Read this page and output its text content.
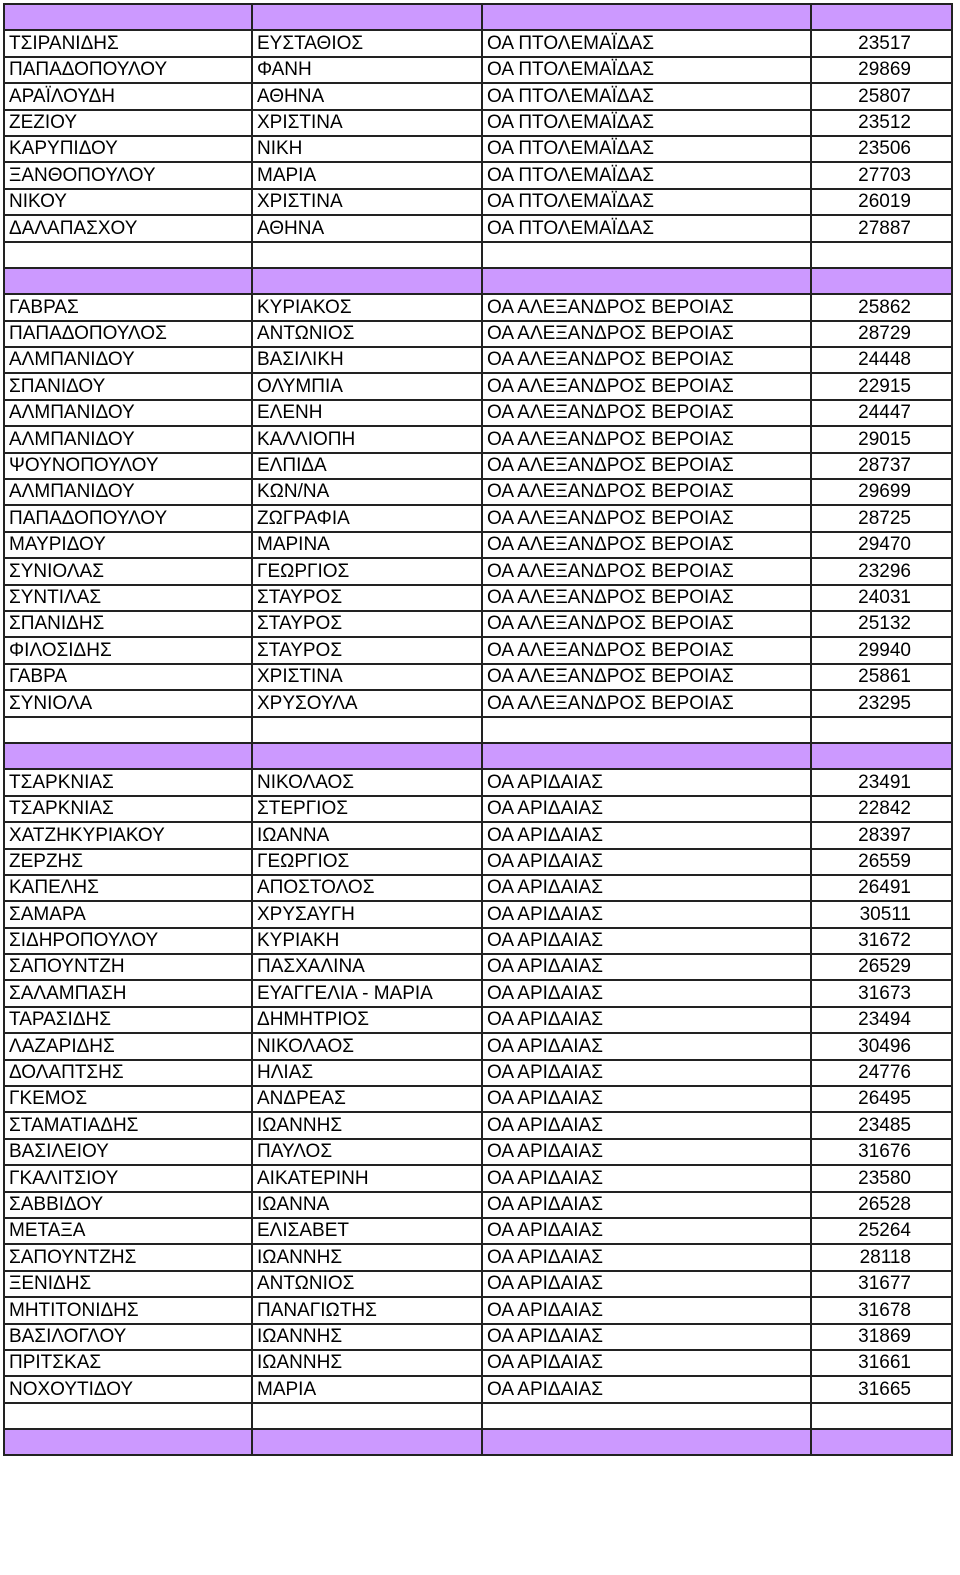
ΤΣΙΡΑΝΙΔΗΣ	ΕΥΣΤΑΘΙΟΣ	ΟΑ ΠΤΟΛΕΜΑΪΔΑΣ	23517
ΠΑΠΑΔΟΠΟΥΛΟΥ	ΦΑΝΗ	ΟΑ ΠΤΟΛΕΜΑΪΔΑΣ	29869
ΑΡΑΪΛΟΥΔΗ	ΑΘΗΝΑ	ΟΑ ΠΤΟΛΕΜΑΪΔΑΣ	25807
ΖΕΖΙΟΥ	ΧΡΙΣΤΙΝΑ	ΟΑ ΠΤΟΛΕΜΑΪΔΑΣ	23512
ΚΑΡΥΠΙΔΟΥ	ΝΙΚΗ	ΟΑ ΠΤΟΛΕΜΑΪΔΑΣ	23506
ΞΑΝΘΟΠΟΥΛΟΥ	ΜΑΡΙΑ	ΟΑ ΠΤΟΛΕΜΑΪΔΑΣ	27703
ΝΙΚΟΥ	ΧΡΙΣΤΙΝΑ	ΟΑ ΠΤΟΛΕΜΑΪΔΑΣ	26019
ΔΑΛΑΠΑΣΧΟΥ	ΑΘΗΝΑ	ΟΑ ΠΤΟΛΕΜΑΪΔΑΣ	27887

ΓΑΒΡΑΣ	ΚΥΡΙΑΚΟΣ	ΟΑ ΑΛΕΞΑΝΔΡΟΣ ΒΕΡΟΙΑΣ	25862
ΠΑΠΑΔΟΠΟΥΛΟΣ	ΑΝΤΩΝΙΟΣ	ΟΑ ΑΛΕΞΑΝΔΡΟΣ ΒΕΡΟΙΑΣ	28729
ΑΛΜΠΑΝΙΔΟΥ	ΒΑΣΙΛΙΚΗ	ΟΑ ΑΛΕΞΑΝΔΡΟΣ ΒΕΡΟΙΑΣ	24448
ΣΠΑΝΙΔΟΥ	ΟΛΥΜΠΙΑ	ΟΑ ΑΛΕΞΑΝΔΡΟΣ ΒΕΡΟΙΑΣ	22915
ΑΛΜΠΑΝΙΔΟΥ	ΕΛΕΝΗ	ΟΑ ΑΛΕΞΑΝΔΡΟΣ ΒΕΡΟΙΑΣ	24447
ΑΛΜΠΑΝΙΔΟΥ	ΚΑΛΛΙΟΠΗ	ΟΑ ΑΛΕΞΑΝΔΡΟΣ ΒΕΡΟΙΑΣ	29015
ΨΟΥΝΟΠΟΥΛΟΥ	ΕΛΠΙΔΑ	ΟΑ ΑΛΕΞΑΝΔΡΟΣ ΒΕΡΟΙΑΣ	28737
ΑΛΜΠΑΝΙΔΟΥ	ΚΩΝ/ΝΑ	ΟΑ ΑΛΕΞΑΝΔΡΟΣ ΒΕΡΟΙΑΣ	29699
ΠΑΠΑΔΟΠΟΥΛΟΥ	ΖΩΓΡΑΦΙΑ	ΟΑ ΑΛΕΞΑΝΔΡΟΣ ΒΕΡΟΙΑΣ	28725
ΜΑΥΡΙΔΟΥ	ΜΑΡΙΝΑ	ΟΑ ΑΛΕΞΑΝΔΡΟΣ ΒΕΡΟΙΑΣ	29470
ΣΥΝΙΟΛΑΣ	ΓΕΩΡΓΙΟΣ	ΟΑ ΑΛΕΞΑΝΔΡΟΣ ΒΕΡΟΙΑΣ	23296
ΣΥΝΤΙΛΑΣ	ΣΤΑΥΡΟΣ	ΟΑ ΑΛΕΞΑΝΔΡΟΣ ΒΕΡΟΙΑΣ	24031
ΣΠΑΝΙΔΗΣ	ΣΤΑΥΡΟΣ	ΟΑ ΑΛΕΞΑΝΔΡΟΣ ΒΕΡΟΙΑΣ	25132
ΦΙΛΟΣΙΔΗΣ	ΣΤΑΥΡΟΣ	ΟΑ ΑΛΕΞΑΝΔΡΟΣ ΒΕΡΟΙΑΣ	29940
ΓΑΒΡΑ	ΧΡΙΣΤΙΝΑ	ΟΑ ΑΛΕΞΑΝΔΡΟΣ ΒΕΡΟΙΑΣ	25861
ΣΥΝΙΟΛΑ	ΧΡΥΣΟΥΛΑ	ΟΑ ΑΛΕΞΑΝΔΡΟΣ ΒΕΡΟΙΑΣ	23295

ΤΣΑΡΚΝΙΑΣ	ΝΙΚΟΛΑΟΣ	ΟΑ ΑΡΙΔΑΙΑΣ	23491
ΤΣΑΡΚΝΙΑΣ	ΣΤΕΡΓΙΟΣ	ΟΑ ΑΡΙΔΑΙΑΣ	22842
ΧΑΤΖΗΚΥΡΙΑΚΟΥ	ΙΩΑΝΝΑ	ΟΑ ΑΡΙΔΑΙΑΣ	28397
ΖΕΡΖΗΣ	ΓΕΩΡΓΙΟΣ	ΟΑ ΑΡΙΔΑΙΑΣ	26559
ΚΑΠΕΛΗΣ	ΑΠΟΣΤΟΛΟΣ	ΟΑ ΑΡΙΔΑΙΑΣ	26491
ΣΑΜΑΡΑ	ΧΡΥΣΑΥΓΗ	ΟΑ ΑΡΙΔΑΙΑΣ	30511
ΣΙΔΗΡΟΠΟΥΛΟΥ	ΚΥΡΙΑΚΗ	ΟΑ ΑΡΙΔΑΙΑΣ	31672
ΣΑΠΟΥΝΤΖΗ	ΠΑΣΧΑΛΙΝΑ	ΟΑ ΑΡΙΔΑΙΑΣ	26529
ΣΑΛΑΜΠΑΣΗ	ΕΥΑΓΓΕΛΙΑ - ΜΑΡΙΑ	ΟΑ ΑΡΙΔΑΙΑΣ	31673
ΤΑΡΑΣΙΔΗΣ	ΔΗΜΗΤΡΙΟΣ	ΟΑ ΑΡΙΔΑΙΑΣ	23494
ΛΑΖΑΡΙΔΗΣ	ΝΙΚΟΛΑΟΣ	ΟΑ ΑΡΙΔΑΙΑΣ	30496
ΔΟΛΑΠΤΣΗΣ	ΗΛΙΑΣ	ΟΑ ΑΡΙΔΑΙΑΣ	24776
ΓΚΕΜΟΣ	ΑΝΔΡΕΑΣ	ΟΑ ΑΡΙΔΑΙΑΣ	26495
ΣΤΑΜΑΤΙΑΔΗΣ	ΙΩΑΝΝΗΣ	ΟΑ ΑΡΙΔΑΙΑΣ	23485
ΒΑΣΙΛΕΙΟΥ	ΠΑΥΛΟΣ	ΟΑ ΑΡΙΔΑΙΑΣ	31676
ΓΚΑΛΙΤΣΙΟΥ	ΑΙΚΑΤΕΡΙΝΗ	ΟΑ ΑΡΙΔΑΙΑΣ	23580
ΣΑΒΒΙΔΟΥ	ΙΩΑΝΝΑ	ΟΑ ΑΡΙΔΑΙΑΣ	26528
ΜΕΤΑΞΑ	ΕΛΙΣΑΒΕΤ	ΟΑ ΑΡΙΔΑΙΑΣ	25264
ΣΑΠΟΥΝΤΖΗΣ	ΙΩΑΝΝΗΣ	ΟΑ ΑΡΙΔΑΙΑΣ	28118
ΞΕΝΙΔΗΣ	ΑΝΤΩΝΙΟΣ	ΟΑ ΑΡΙΔΑΙΑΣ	31677
ΜΗΤΙΤΟΝΙΔΗΣ	ΠΑΝΑΓΙΩΤΗΣ	ΟΑ ΑΡΙΔΑΙΑΣ	31678
ΒΑΣΙΛΟΓΛΟΥ	ΙΩΑΝΝΗΣ	ΟΑ ΑΡΙΔΑΙΑΣ	31869
ΠΡΙΤΣΚΑΣ	ΙΩΑΝΝΗΣ	ΟΑ ΑΡΙΔΑΙΑΣ	31661
ΝΟΧΟΥΤΙΔΟΥ	ΜΑΡΙΑ	ΟΑ ΑΡΙΔΑΙΑΣ	31665
